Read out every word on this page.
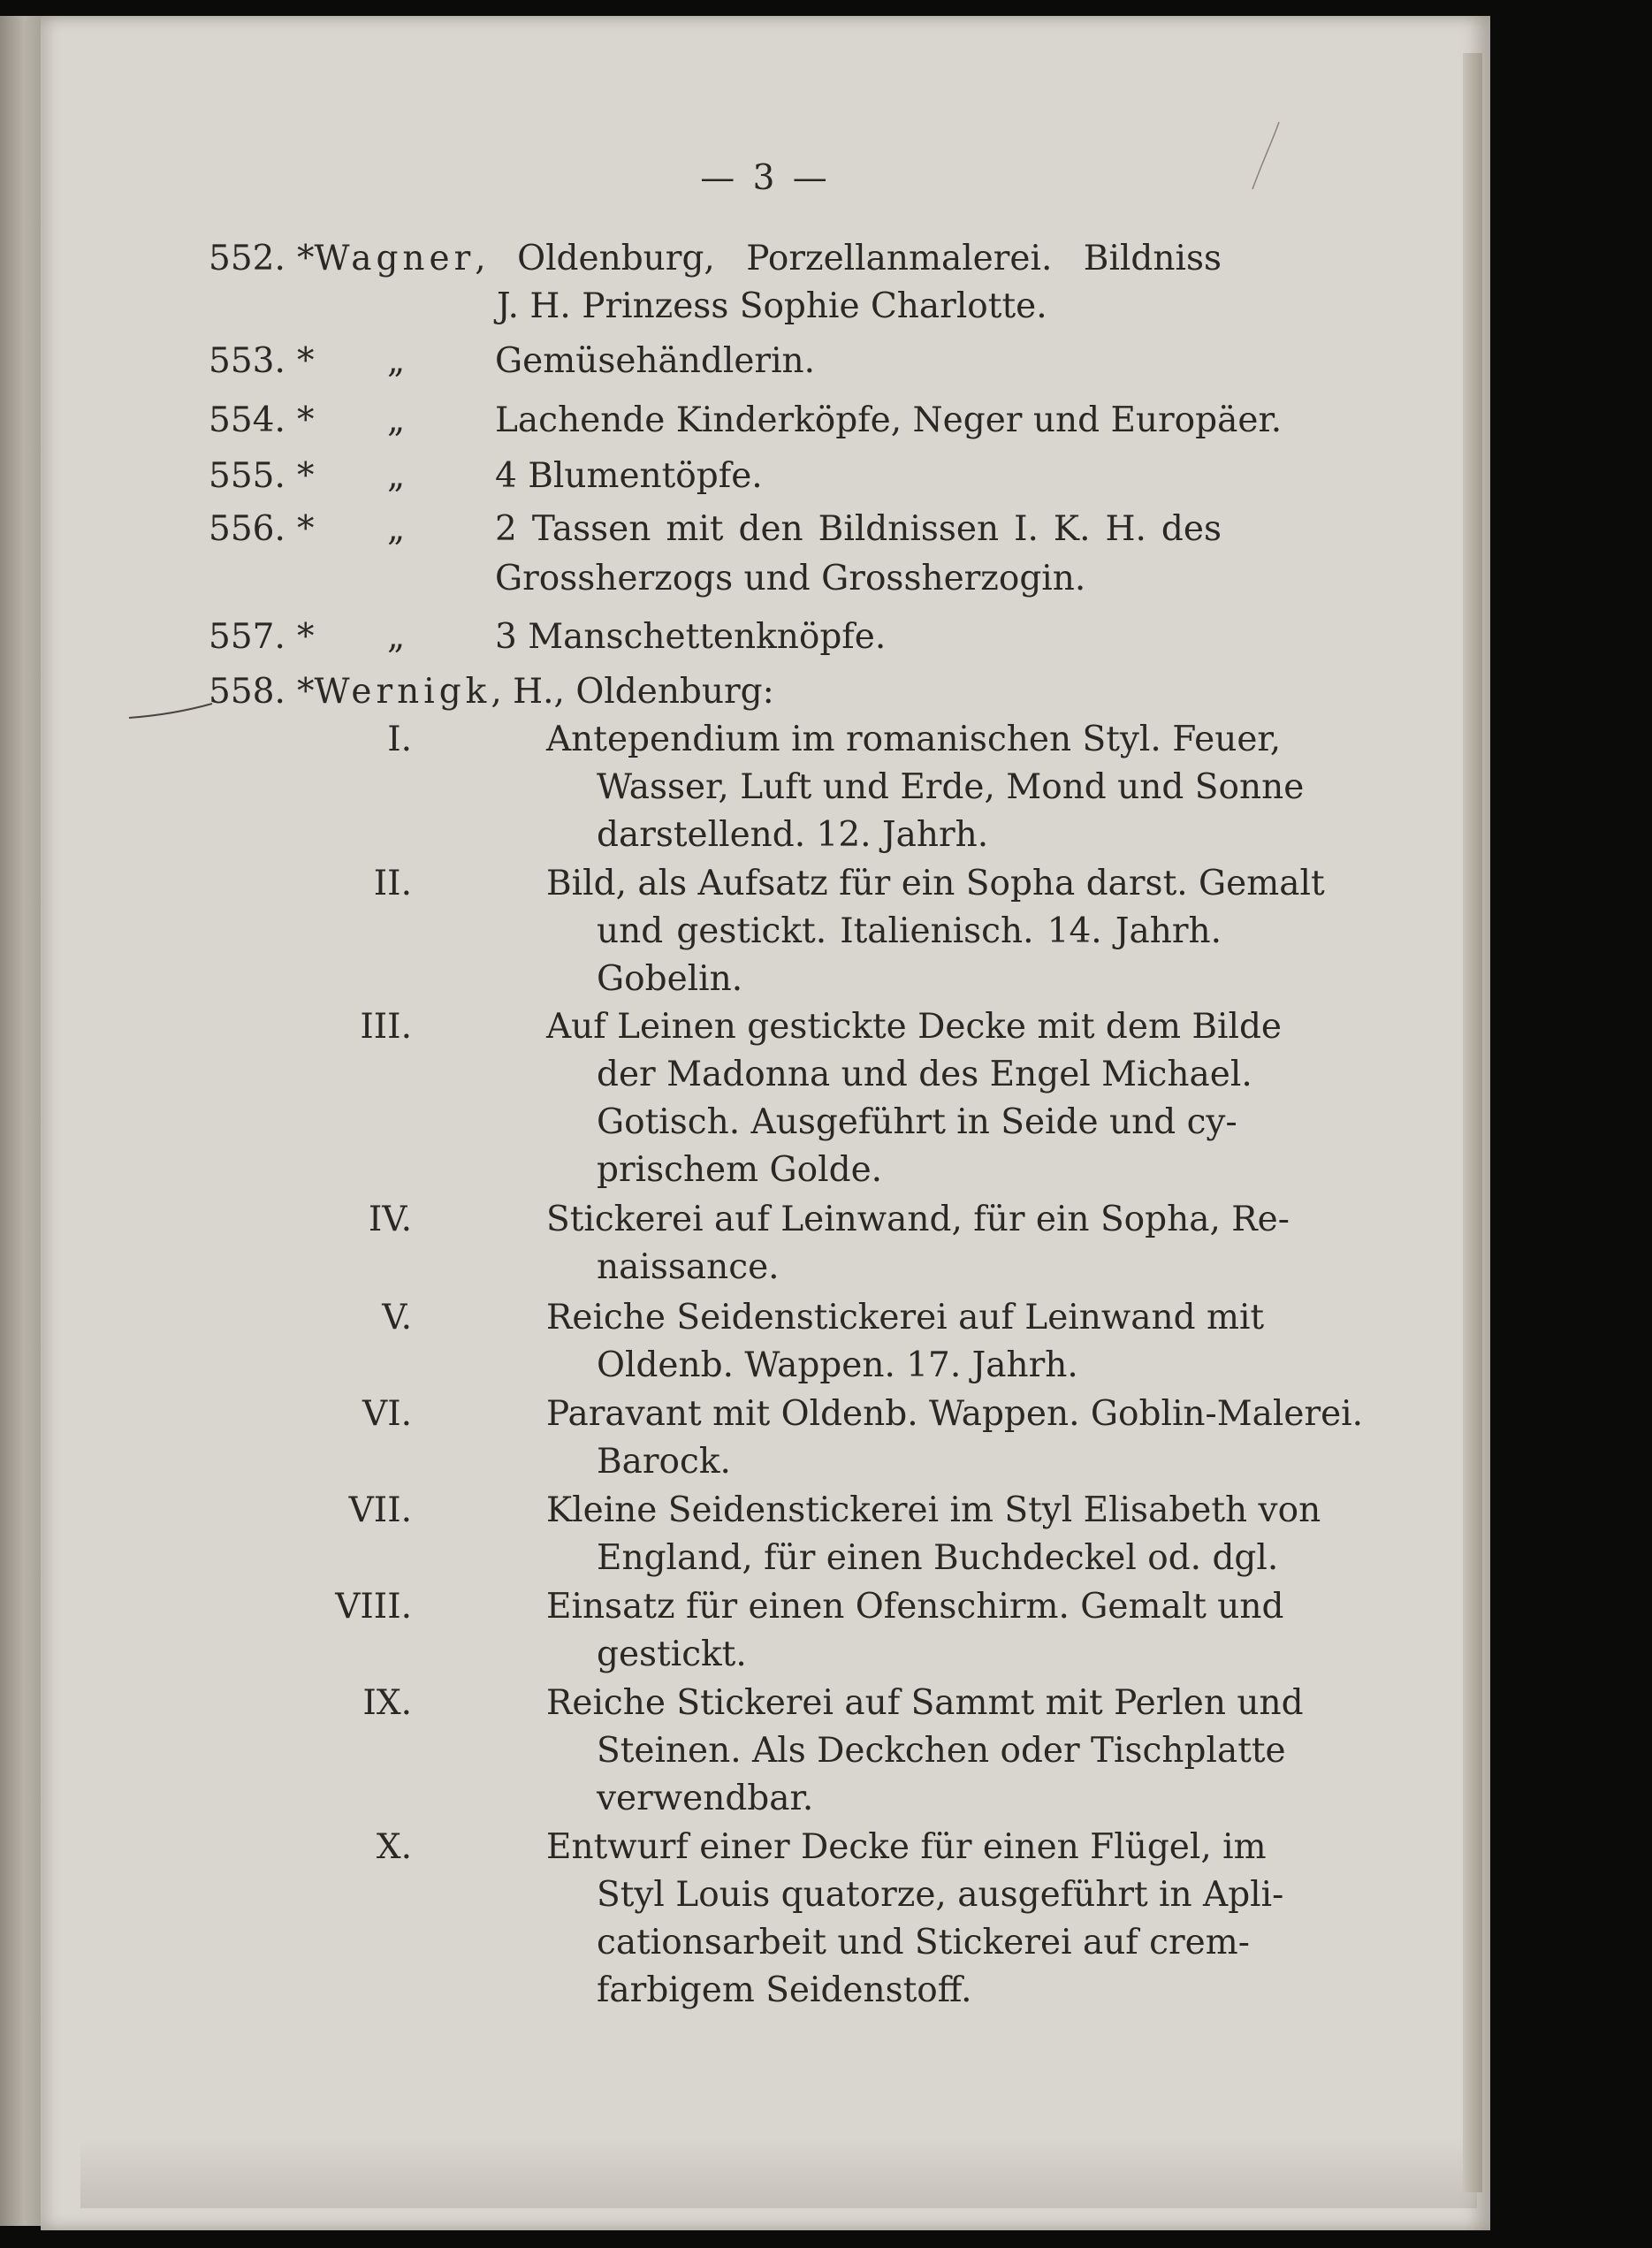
— 3 —
552. *Wagner, Oldenburg, Porzellanmalerei. Bildniss
J. H. Prinzess Sophie Charlotte.
553. * „	Gemüsehändlerin.
554. * „	Lachende Kinderköpfe, Neger und Europäer.
555. * „	4 Blumentöpfe.
556. * „	2 Tassen mit den Bildnissen I. K. H. des
Grossherzogs und Grossherzogin.
557. * „	3 Manschettenknöpfe.
558. *Wernigk, H., Oldenburg:
I.	Antependium im romanischen Styl. Feuer,
Wasser, Luft und Erde, Mond und Sonne
darstellend. 12. Jahrh.
II.	Bild, als Aufsatz für ein Sopha darst. Gemalt
und gestickt. Italienisch. 14. Jahrh.
Gobelin.
III.	Auf Leinen gestickte Decke mit dem Bilde
der Madonna und des Engel Michael.
Gotisch. Ausgeführt in Seide und cy-
prischem Golde.
IV.	Stickerei auf Leinwand, für ein Sopha, Re-
naissance.
V.	Reiche Seidenstickerei auf Leinwand mit
Oldenb. Wappen. 17. Jahrh.
VI.	Paravant mit Oldenb. Wappen. Goblin-Malerei.
Barock.
VII.	Kleine Seidenstickerei im Styl Elisabeth von
England, für einen Buchdeckel od. dgl.
VIII.	Einsatz für einen Ofenschirm. Gemalt und
gestickt.
IX.	Reiche Stickerei auf Sammt mit Perlen und
Steinen. Als Deckchen oder Tischplatte
verwendbar.
X.	Entwurf einer Decke für einen Flügel, im
Styl Louis quatorze, ausgeführt in Apli-
cationsarbeit und Stickerei auf crem-
farbigem Seidenstoff.
